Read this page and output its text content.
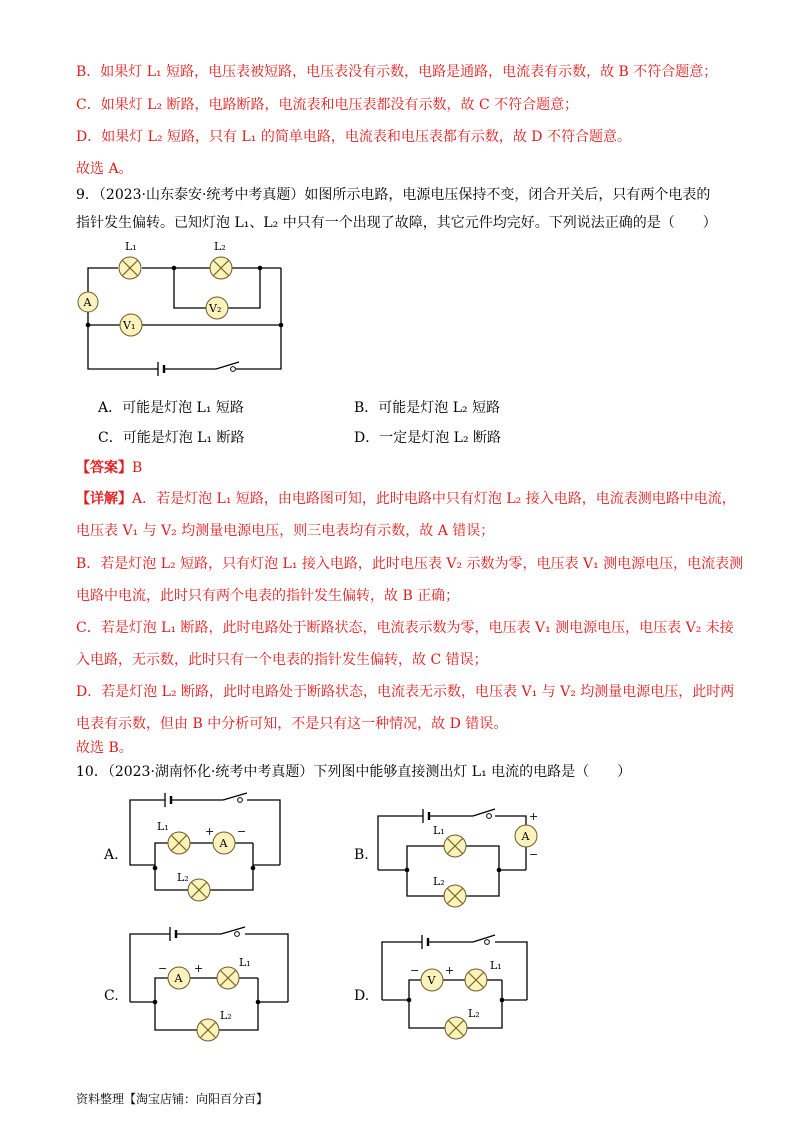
B．如果灯 L₁ 短路，电压表被短路，电压表没有示数，电路是通路，电流表有示数，故 B 不符合题意；
C．如果灯 L₂ 断路，电路断路，电流表和电压表都没有示数，故 C 不符合题意；
D．如果灯 L₂ 短路，只有 L₁ 的简单电路，电流表和电压表都有示数，故 D 不符合题意。
故选 A。
9．（2023·山东泰安·统考中考真题）如图所示电路，电源电压保持不变，闭合开关后，只有两个电表的
指针发生偏转。已知灯泡 L₁、L₂ 中只有一个出现了故障，其它元件均完好。下列说法正确的是（　　）
L₁	L₂
A
V₁
V₂
A．可能是灯泡 L₁ 短路	B．可能是灯泡 L₂ 短路
C．可能是灯泡 L₁ 断路	D．一定是灯泡 L₂ 断路
【答案】B
【详解】A．若是灯泡 L₁ 短路，由电路图可知，此时电路中只有灯泡 L₂ 接入电路，电流表测电路中电流，
电压表 V₁ 与 V₂ 均测量电源电压，则三电表均有示数，故 A 错误；
B．若是灯泡 L₂ 短路，只有灯泡 L₁ 接入电路，此时电压表 V₂ 示数为零，电压表 V₁ 测电源电压，电流表测
电路中电流，此时只有两个电表的指针发生偏转，故 B 正确；
C．若是灯泡 L₁ 断路，此时电路处于断路状态，电流表示数为零，电压表 V₁ 测电源电压，电压表 V₂ 未接
入电路，无示数，此时只有一个电表的指针发生偏转，故 C 错误；
D．若是灯泡 L₂ 断路，此时电路处于断路状态，电流表无示数，电压表 V₁ 与 V₂ 均测量电源电压，此时两
电表有示数，但由 B 中分析可知，不是只有这一种情况，故 D 错误。
故选 B。
10．（2023·湖南怀化·统考中考真题）下列图中能够直接测出灯 L₁ 电流的电路是（　　）
A.
L₁
A
+ −
L₂
B.
A
+
−
L₁
L₂
C.
A
− +	L₁
L₂
D.
V
− +	L₁
L₂
资料整理【淘宝店铺：向阳百分百】
